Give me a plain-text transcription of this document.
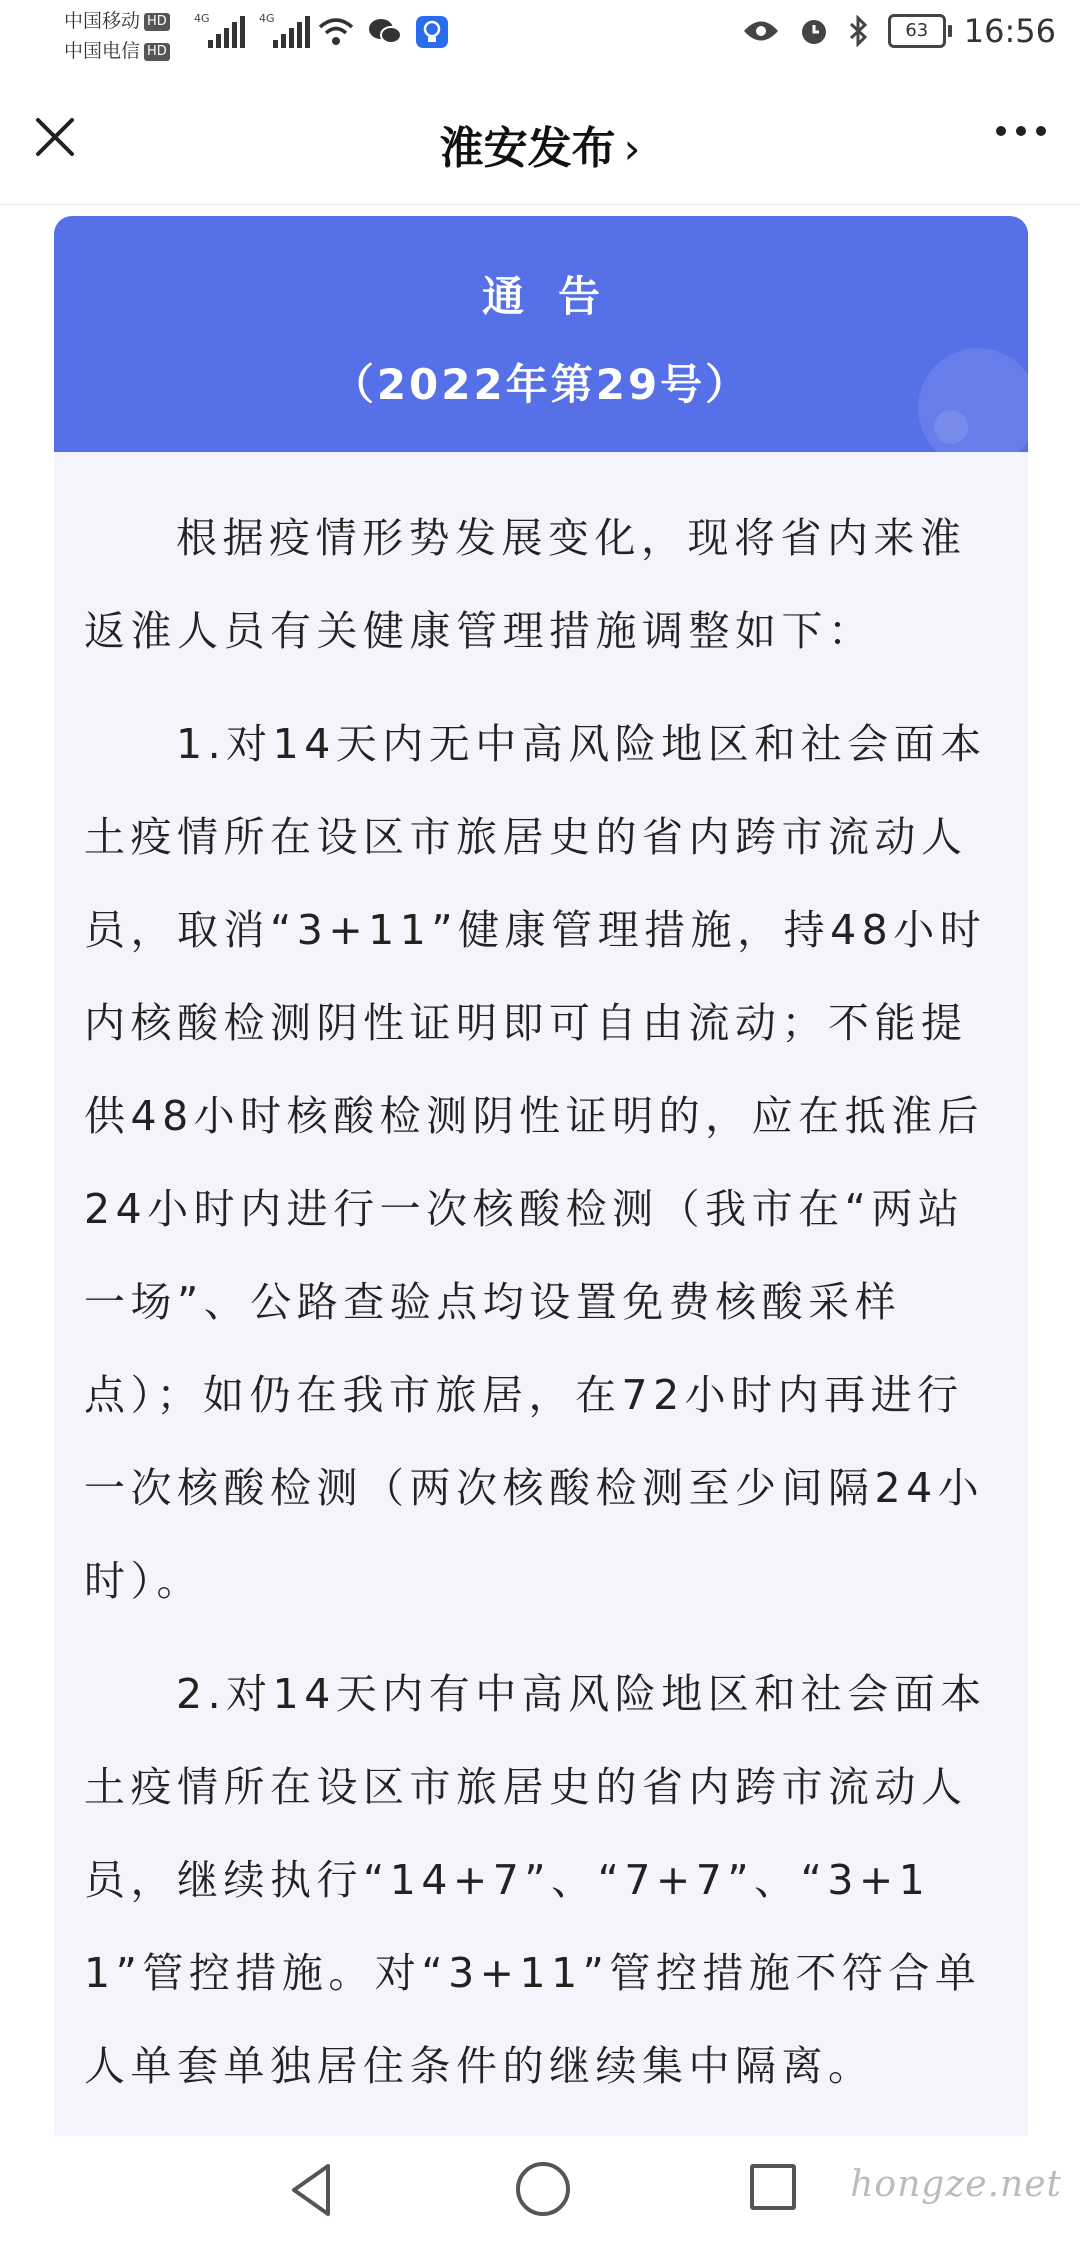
中国移动 HD
中国电信 HD
4G	4G
63	16:56
淮安发布 ›
通告
（2022年第29号）

根据疫情形势发展变化，现将省内来淮返淮人员有关健康管理措施调整如下：

1.对14天内无中高风险地区和社会面本土疫情所在设区市旅居史的省内跨市流动人员，取消“3+11”健康管理措施，持48小时内核酸检测阴性证明即可自由流动；不能提供48小时核酸检测阴性证明的，应在抵淮后24小时内进行一次核酸检测（我市在“两站一场”、公路查验点均设置免费核酸采样点）；如仍在我市旅居，在72小时内再进行一次核酸检测（两次核酸检测至少间隔24小时）。

2.对14天内有中高风险地区和社会面本土疫情所在设区市旅居史的省内跨市流动人员，继续执行“14+7”、“7+7”、“3+11”管控措施。对“3+11”管控措施不符合单人单套单独居住条件的继续集中隔离。

hongze.net
